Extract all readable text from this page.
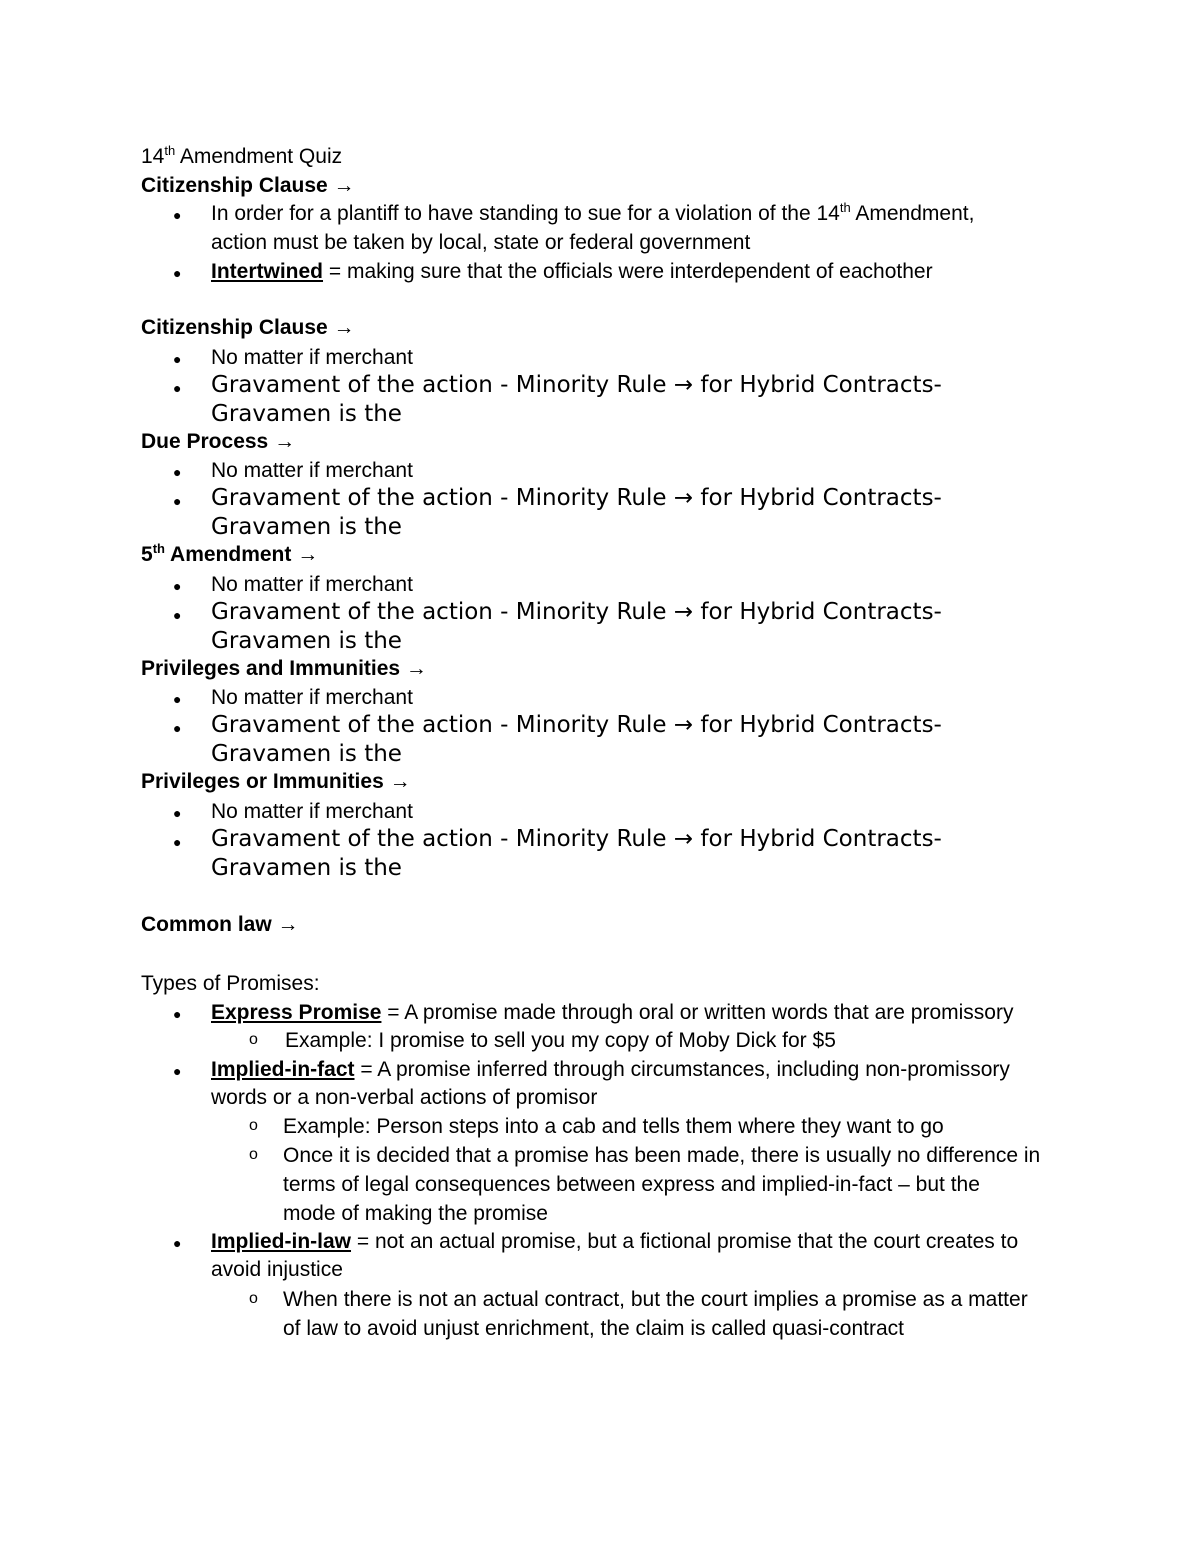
14th Amendment Quiz
Citizenship Clause →
● In order for a plantiff to have standing to sue for a violation of the 14th Amendment,
action must be taken by local, state or federal government
● Intertwined = making sure that the officials were interdependent of eachother
Citizenship Clause →
● No matter if merchant
● Gravament of the action - Minority Rule → for Hybrid Contracts-
Gravamen is the
Due Process →
● No matter if merchant
● Gravament of the action - Minority Rule → for Hybrid Contracts-
Gravamen is the
5th Amendment →
● No matter if merchant
● Gravament of the action - Minority Rule → for Hybrid Contracts-
Gravamen is the
Privileges and Immunities →
● No matter if merchant
● Gravament of the action - Minority Rule → for Hybrid Contracts-
Gravamen is the
Privileges or Immunities →
● No matter if merchant
● Gravament of the action - Minority Rule → for Hybrid Contracts-
Gravamen is the
Common law →
Types of Promises:
● Express Promise = A promise made through oral or written words that are promissory
o Example: I promise to sell you my copy of Moby Dick for $5
● Implied-in-fact = A promise inferred through circumstances, including non-promissory
words or a non-verbal actions of promisor
o Example: Person steps into a cab and tells them where they want to go
o Once it is decided that a promise has been made, there is usually no difference in
terms of legal consequences between express and implied-in-fact – but the
mode of making the promise
● Implied-in-law = not an actual promise, but a fictional promise that the court creates to
avoid injustice
o When there is not an actual contract, but the court implies a promise as a matter
of law to avoid unjust enrichment, the claim is called quasi-contract
